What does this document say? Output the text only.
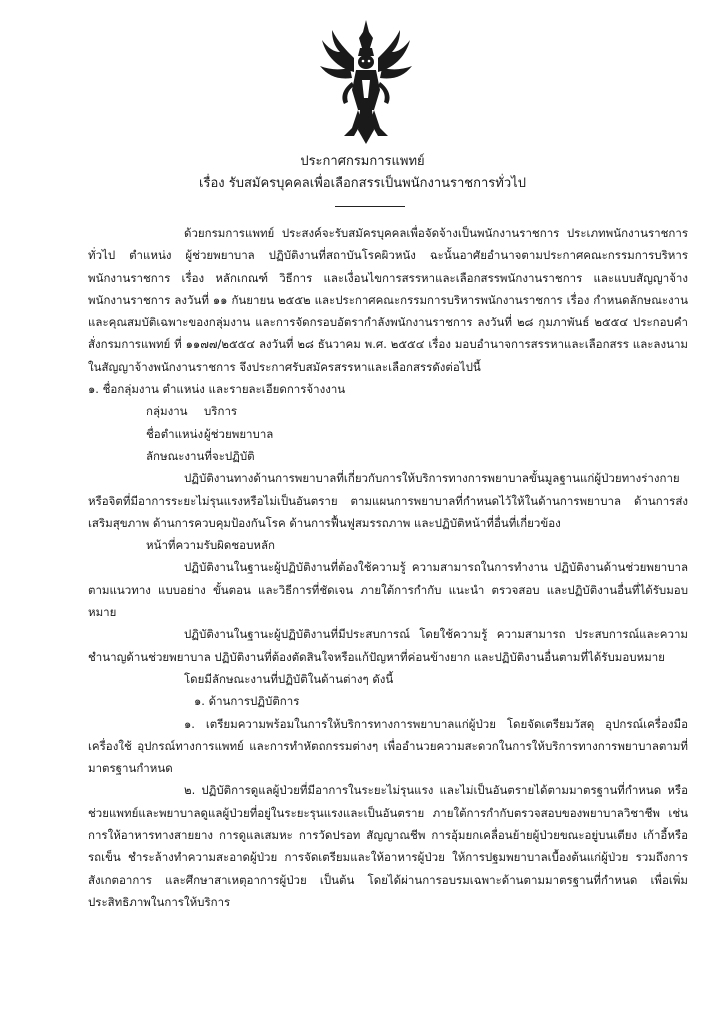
ประกาศกรมการแพทย์
เรื่อง รับสมัครบุคคลเพื่อเลือกสรรเป็นพนักงานราชการทั่วไป

ด้วยกรมการแพทย์ ประสงค์จะรับสมัครบุคคลเพื่อจัดจ้างเป็นพนักงานราชการ ประเภทพนักงานราชการทั่วไป ตำแหน่ง ผู้ช่วยพยาบาล ปฏิบัติงานที่สถาบันโรคผิวหนัง ฉะนั้นอาศัยอำนาจตามประกาศคณะกรรมการบริหารพนักงานราชการ เรื่อง หลักเกณฑ์ วิธีการ และเงื่อนไขการสรรหาและเลือกสรรพนักงานราชการ และแบบสัญญาจ้างพนักงานราชการ ลงวันที่ ๑๑ กันยายน ๒๕๕๒ และประกาศคณะกรรมการบริหารพนักงานราชการ เรื่อง กำหนดลักษณะงานและคุณสมบัติเฉพาะของกลุ่มงาน และการจัดกรอบอัตรากำลังพนักงานราชการ ลงวันที่ ๒๘ กุมภาพันธ์ ๒๕๕๔ ประกอบคำสั่งกรมการแพทย์ ที่ ๑๑๗๗/๒๕๕๔ ลงวันที่ ๒๘ ธันวาคม พ.ศ. ๒๕๕๔ เรื่อง มอบอำนาจการสรรหาและเลือกสรร และลงนามในสัญญาจ้างพนักงานราชการ จึงประกาศรับสมัครสรรหาและเลือกสรรดังต่อไปนี้

๑. ชื่อกลุ่มงาน ตำแหน่ง และรายละเอียดการจ้างงาน

กลุ่มงาน	บริการ
ชื่อตำแหน่ง ผู้ช่วยพยาบาล

ลักษณะงานที่จะปฏิบัติ

ปฏิบัติงานทางด้านการพยาบาลที่เกี่ยวกับการให้บริการทางการพยาบาลขั้นมูลฐานแก่ผู้ป่วยทางร่างกายหรือจิตที่มีอาการระยะไม่รุนแรงหรือไม่เป็นอันตราย ตามแผนการพยาบาลที่กำหนดไว้ให้ในด้านการพยาบาล ด้านการส่งเสริมสุขภาพ ด้านการควบคุมป้องกันโรค ด้านการฟื้นฟูสมรรถภาพ และปฏิบัติหน้าที่อื่นที่เกี่ยวข้อง

หน้าที่ความรับผิดชอบหลัก

ปฏิบัติงานในฐานะผู้ปฏิบัติงานที่ต้องใช้ความรู้ ความสามารถในการทำงาน ปฏิบัติงานด้านช่วยพยาบาล ตามแนวทาง แบบอย่าง ขั้นตอน และวิธีการที่ชัดเจน ภายใต้การกำกับ แนะนำ ตรวจสอบ และปฏิบัติงานอื่นที่ได้รับมอบหมาย

ปฏิบัติงานในฐานะผู้ปฏิบัติงานที่มีประสบการณ์ โดยใช้ความรู้ ความสามารถ ประสบการณ์และความชำนาญด้านช่วยพยาบาล ปฏิบัติงานที่ต้องตัดสินใจหรือแก้ปัญหาที่ค่อนข้างยาก และปฏิบัติงานอื่นตามที่ได้รับมอบหมาย

โดยมีลักษณะงานที่ปฏิบัติในด้านต่างๆ ดังนี้

๑. ด้านการปฏิบัติการ

๑. เตรียมความพร้อมในการให้บริการทางการพยาบาลแก่ผู้ป่วย โดยจัดเตรียมวัสดุ อุปกรณ์เครื่องมือ เครื่องใช้ อุปกรณ์ทางการแพทย์ และการทำหัตถกรรมต่างๆ เพื่ออำนวยความสะดวกในการให้บริการทางการพยาบาลตามที่มาตรฐานกำหนด

๒. ปฏิบัติการดูแลผู้ป่วยที่มีอาการในระยะไม่รุนแรง และไม่เป็นอันตรายได้ตามมาตรฐานที่กำหนด หรือช่วยแพทย์และพยาบาลดูแลผู้ป่วยที่อยู่ในระยะรุนแรงและเป็นอันตราย ภายใต้การกำกับตรวจสอบของพยาบาลวิชาชีพ เช่น การให้อาหารทางสายยาง การดูแลเสมหะ การวัดปรอท สัญญาณชีพ การอุ้มยกเคลื่อนย้ายผู้ป่วยขณะอยู่บนเตียง เก้าอี้หรือรถเข็น ชำระล้างทำความสะอาดผู้ป่วย การจัดเตรียมและให้อาหารผู้ป่วย ให้การปฐมพยาบาลเบื้องต้นแก่ผู้ป่วย รวมถึงการสังเกตอาการ และศึกษาสาเหตุอาการผู้ป่วย เป็นต้น โดยได้ผ่านการอบรมเฉพาะด้านตามมาตรฐานที่กำหนด เพื่อเพิ่มประสิทธิภาพในการให้บริการ
